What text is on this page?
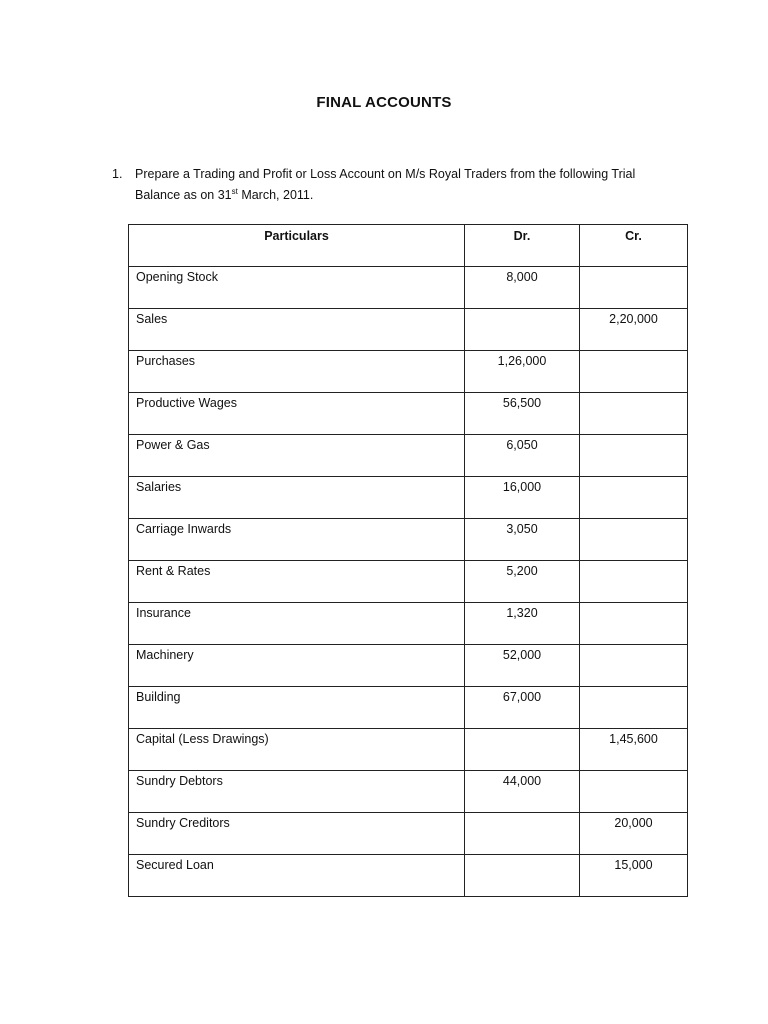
FINAL ACCOUNTS
1. Prepare a Trading and Profit or Loss Account on M/s Royal Traders from the following Trial
Balance as on 31st March, 2011.
Particulars	Dr.	Cr.
Opening Stock	8,000	
Sales		2,20,000
Purchases	1,26,000	
Productive Wages	56,500	
Power & Gas	6,050	
Salaries	16,000	
Carriage Inwards	3,050	
Rent & Rates	5,200	
Insurance	1,320	
Machinery	52,000	
Building	67,000	
Capital (Less Drawings)		1,45,600
Sundry Debtors	44,000	
Sundry Creditors		20,000
Secured Loan		15,000
